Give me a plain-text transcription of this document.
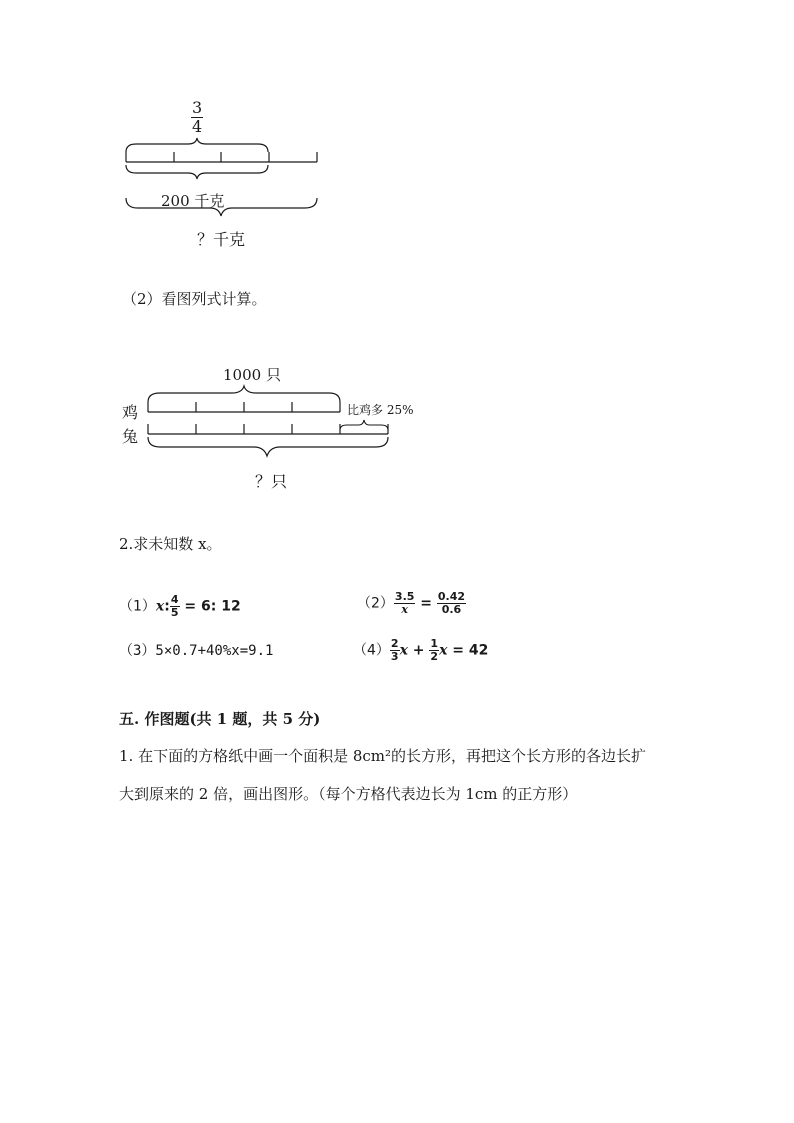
$\frac{3}{4}$
200 千克
？千克
（2）看图列式计算。
1000 只
鸡
兔
比鸡多 25%
？只
2.求未知数 x。
（1）x: $\frac{4}{5} = 6$: 12	$(2) \frac{3.5}{x} = \frac{0.42}{0.6}$
（3）5×0.7+40%x=9.1	$(4) \frac{2}{3}$ $x + \frac{1}{2}$ x = 42
五. 作图题(共 1 题，共 5 分)
1. 在下面的方格纸中画一个面积是 8cm²的长方形，再把这个长方形的各边长扩
大到原来的 2 倍，画出图形。（每个方格代表边长为 1cm 的正方形）
